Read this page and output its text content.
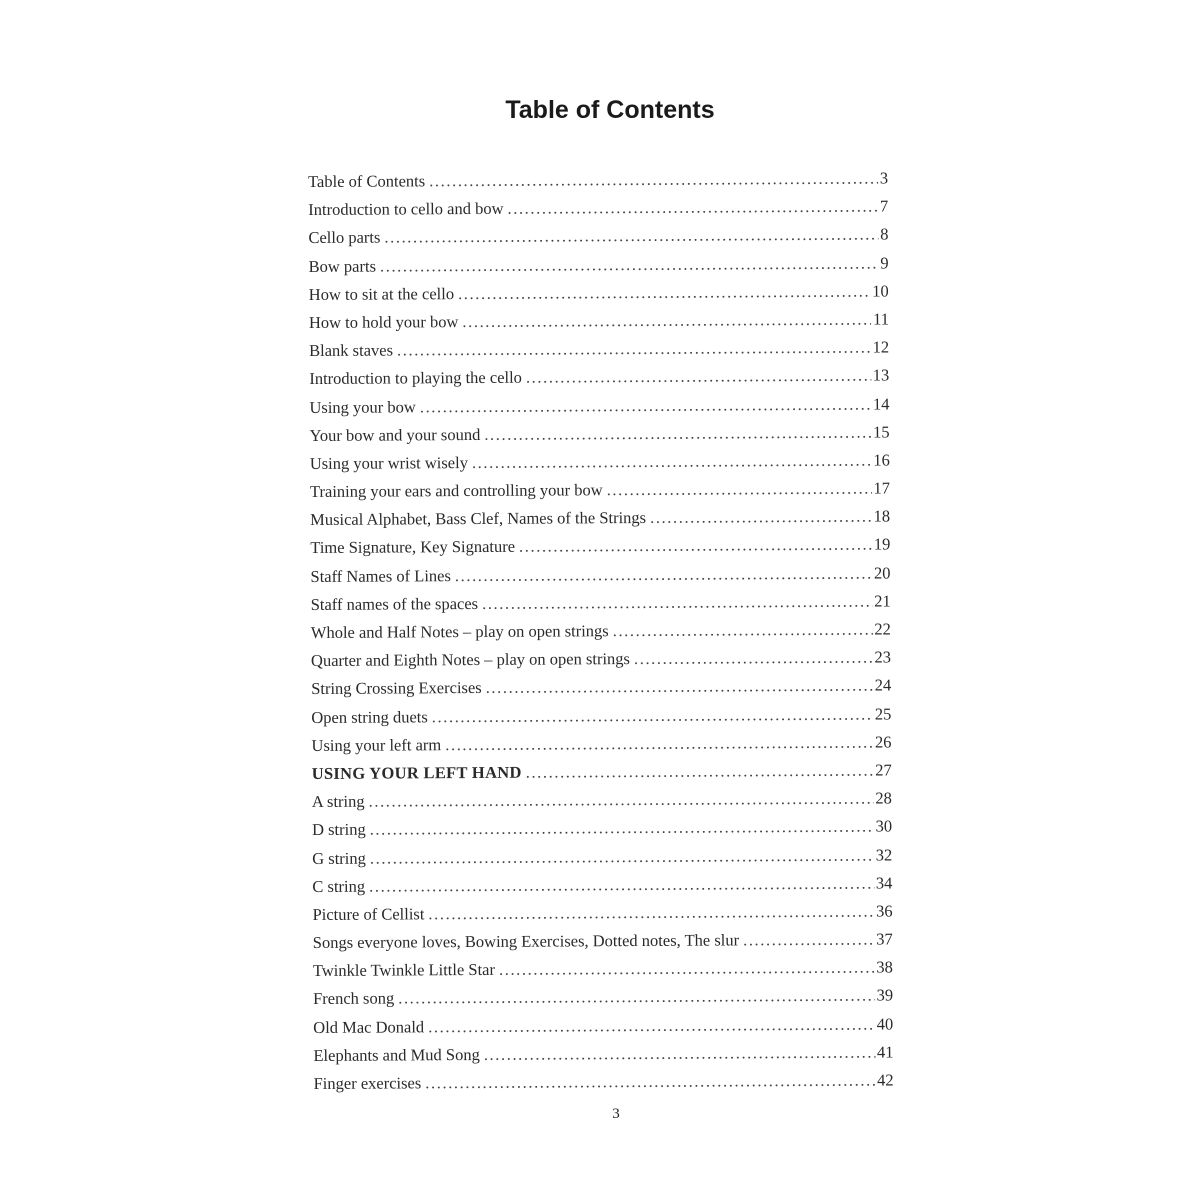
Table of Contents
Table of Contents .....	3
Introduction to cello and bow .....	7
Cello parts .....	8
Bow parts .....	9
How to sit at the cello .....	10
How to hold your bow .....	11
Blank staves .....	12
Introduction to playing the cello .....	13
Using your bow .....	14
Your bow and your sound .....	15
Using your wrist wisely .....	16
Training your ears and controlling your bow .....	17
Musical Alphabet, Bass Clef, Names of the Strings .....	18
Time Signature, Key Signature .....	19
Staff Names of Lines .....	20
Staff names of the spaces .....	21
Whole and Half Notes – play on open strings .....	22
Quarter and Eighth Notes – play on open strings .....	23
String Crossing Exercises .....	24
Open string duets .....	25
Using your left arm .....	26
USING YOUR LEFT HAND .....	27
A string .....	28
D string .....	30
G string .....	32
C string .....	34
Picture of Cellist .....	36
Songs everyone loves, Bowing Exercises, Dotted notes, The slur .....	37
Twinkle Twinkle Little Star .....	38
French song .....	39
Old Mac Donald .....	40
Elephants and Mud Song .....	41
Finger exercises .....	42
3
